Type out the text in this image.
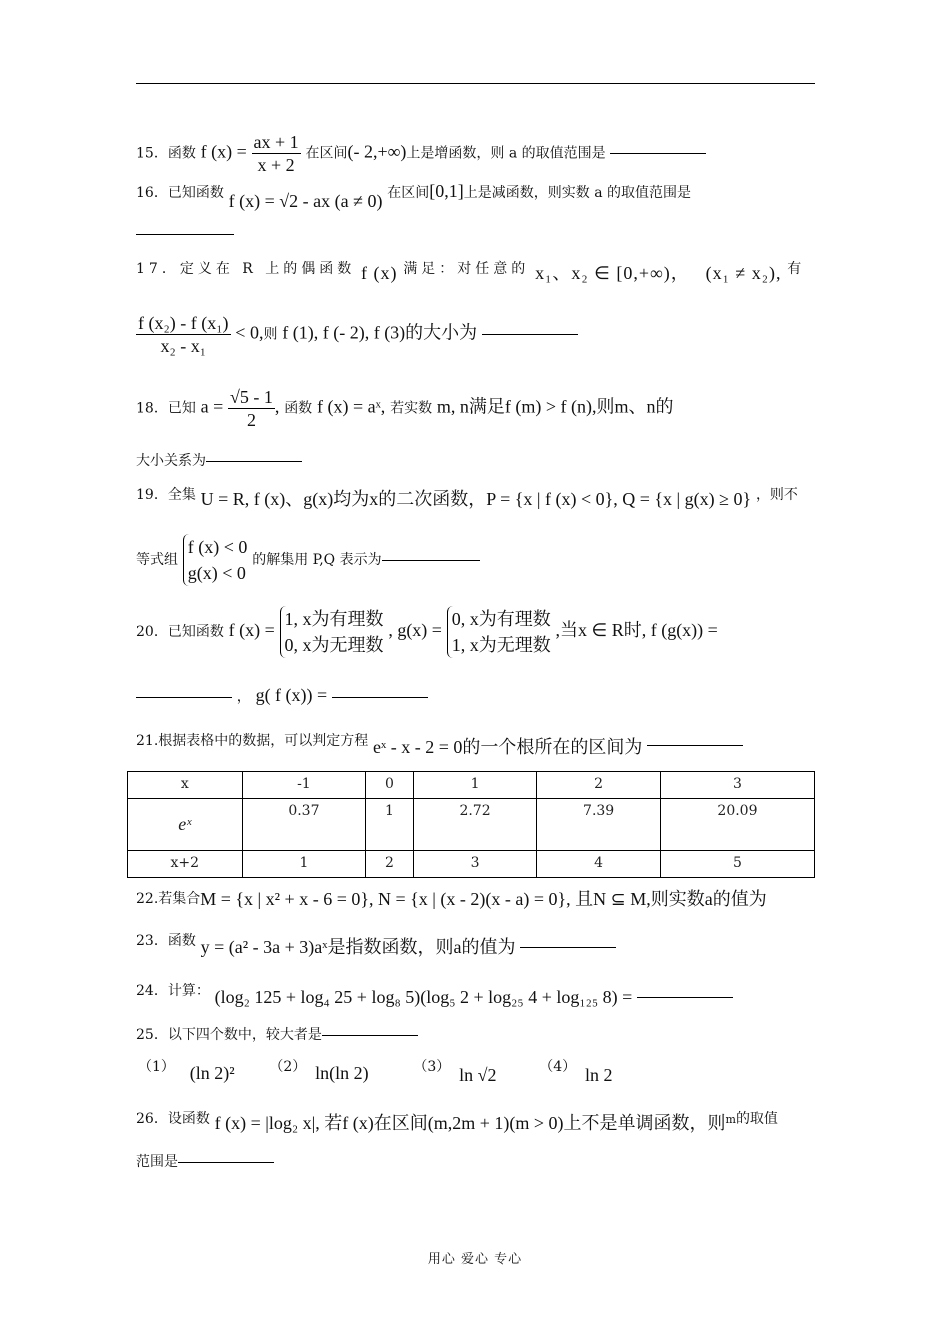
15．函数 f $(x) = \frac{ax + 1}{x + 2}$ 在区间(- 2,+∞)上是增函数，则 a 的取值范围是
16．已知函数 f (x) = √2 - ax (a ≠ 0) 在区间[0,1]上是减函数，则实数 a 的取值范围是
17．定义在 R 上的偶函数 f (x) 满足：对任意的 x₁、x₂ ∈ [0,+∞)， (x₁ ≠ x₂), 有
$\frac{\text{f (x₂) - f (x₁)}}{\text{x₂ - x₁}} < 0$,则 f (1), f (- 2), f (3)的大小为
18．已知 $a = \frac{√5 - 1}{2}$ , 函数 f (x) = aˣ, 若实数 m, n满足f (m) > f (n),则m、n的
大小关系为
19．全集 U = R, f (x)、g(x)均为x的二次函数，P = {x | f (x) < 0}, Q = {x | g(x) ≥ 0} ，则不
等式组
f (x) < 0
g(x) < 0
的解集用 P,Q 表示为
20．已知函数 f (x) =
1, x为有理数
0, x为无理数
, g(x) =
0, x为有理数
1, x为无理数
,当x ∈ R时, f (g(x)) =
， g( f (x)) =
21.根据表格中的数据，可以判定方程 eˣ - x - 2 = 0的一个根所在的区间为
x	-1	0	1	2	3
eˣ	0.37	1	2.72	7.39	20.09
x+2	1	2	3	4	5
22.若集合M = {x | x² + x - 6 = 0}, N = {x | (x - 2)(x - a) = 0}, 且N ⊆ M,则实数a的值为
23．函数 y = (a² - 3a + 3)aˣ是指数函数，则a的值为
24．计算： (log₂ 125 + log₄ 25 + log₈ 5)(log₅ 2 + log₂₅ 4 + log₁₂₅ 8) =
25．以下四个数中，较大者是
（1） (ln 2)² （2） ln(ln 2)	（3） ln √2	（4） ln 2
26．设函数 f (x) = |log₂ x|, 若f (x)在区间(m,2m + 1)(m > 0)上不是单调函数，则m的取值
范围是
用心 爱心 专心
